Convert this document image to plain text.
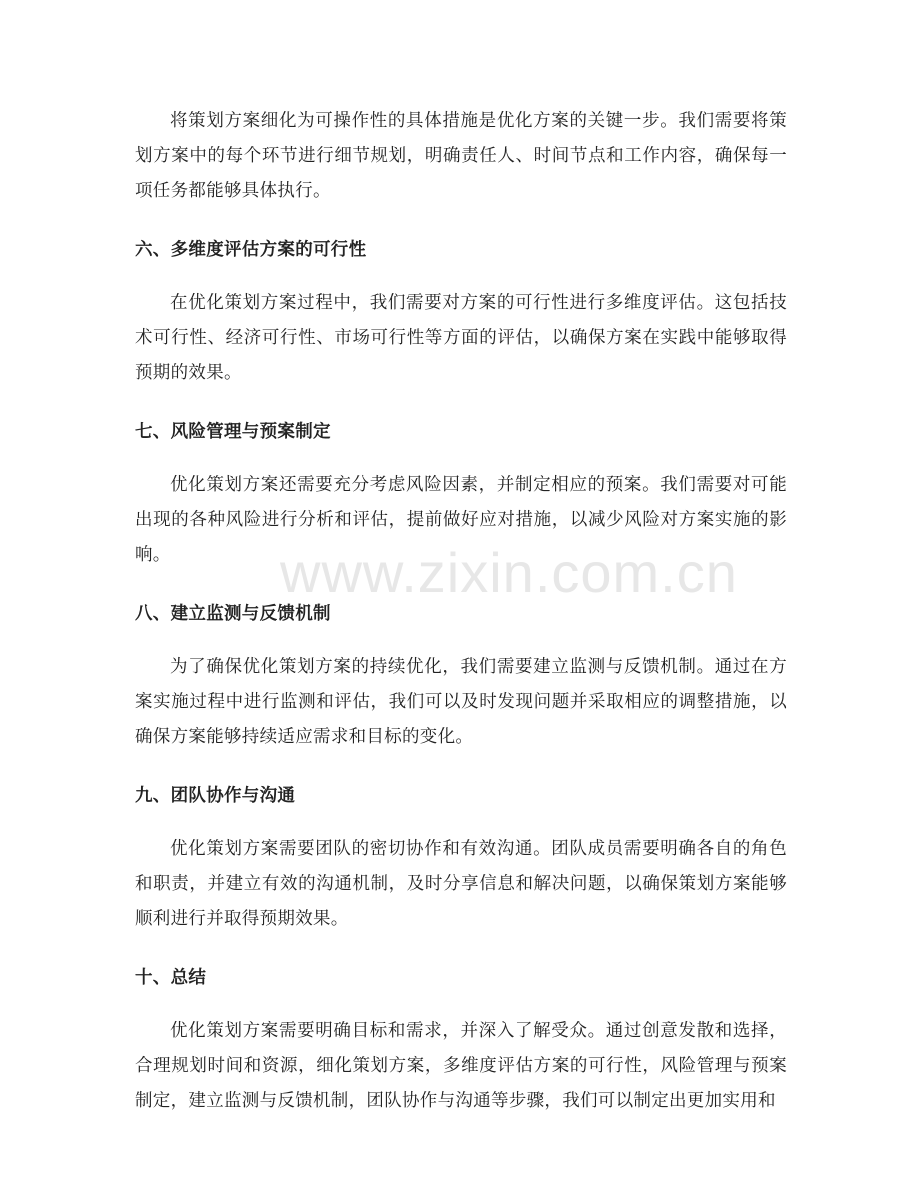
将策划方案细化为可操作性的具体措施是优化方案的关键一步。我们需要将策划方案中的每个环节进行细节规划，明确责任人、时间节点和工作内容，确保每一项任务都能够具体执行。

六、多维度评估方案的可行性

在优化策划方案过程中，我们需要对方案的可行性进行多维度评估。这包括技术可行性、经济可行性、市场可行性等方面的评估，以确保方案在实践中能够取得预期的效果。

七、风险管理与预案制定

优化策划方案还需要充分考虑风险因素，并制定相应的预案。我们需要对可能出现的各种风险进行分析和评估，提前做好应对措施，以减少风险对方案实施的影响。

八、建立监测与反馈机制

为了确保优化策划方案的持续优化，我们需要建立监测与反馈机制。通过在方案实施过程中进行监测和评估，我们可以及时发现问题并采取相应的调整措施，以确保方案能够持续适应需求和目标的变化。

九、团队协作与沟通

优化策划方案需要团队的密切协作和有效沟通。团队成员需要明确各自的角色和职责，并建立有效的沟通机制，及时分享信息和解决问题，以确保策划方案能够顺利进行并取得预期效果。

十、总结

优化策划方案需要明确目标和需求，并深入了解受众。通过创意发散和选择，合理规划时间和资源，细化策划方案，多维度评估方案的可行性，风险管理与预案制定，建立监测与反馈机制，团队协作与沟通等步骤，我们可以制定出更加实用和

www.zixin.com.cn
